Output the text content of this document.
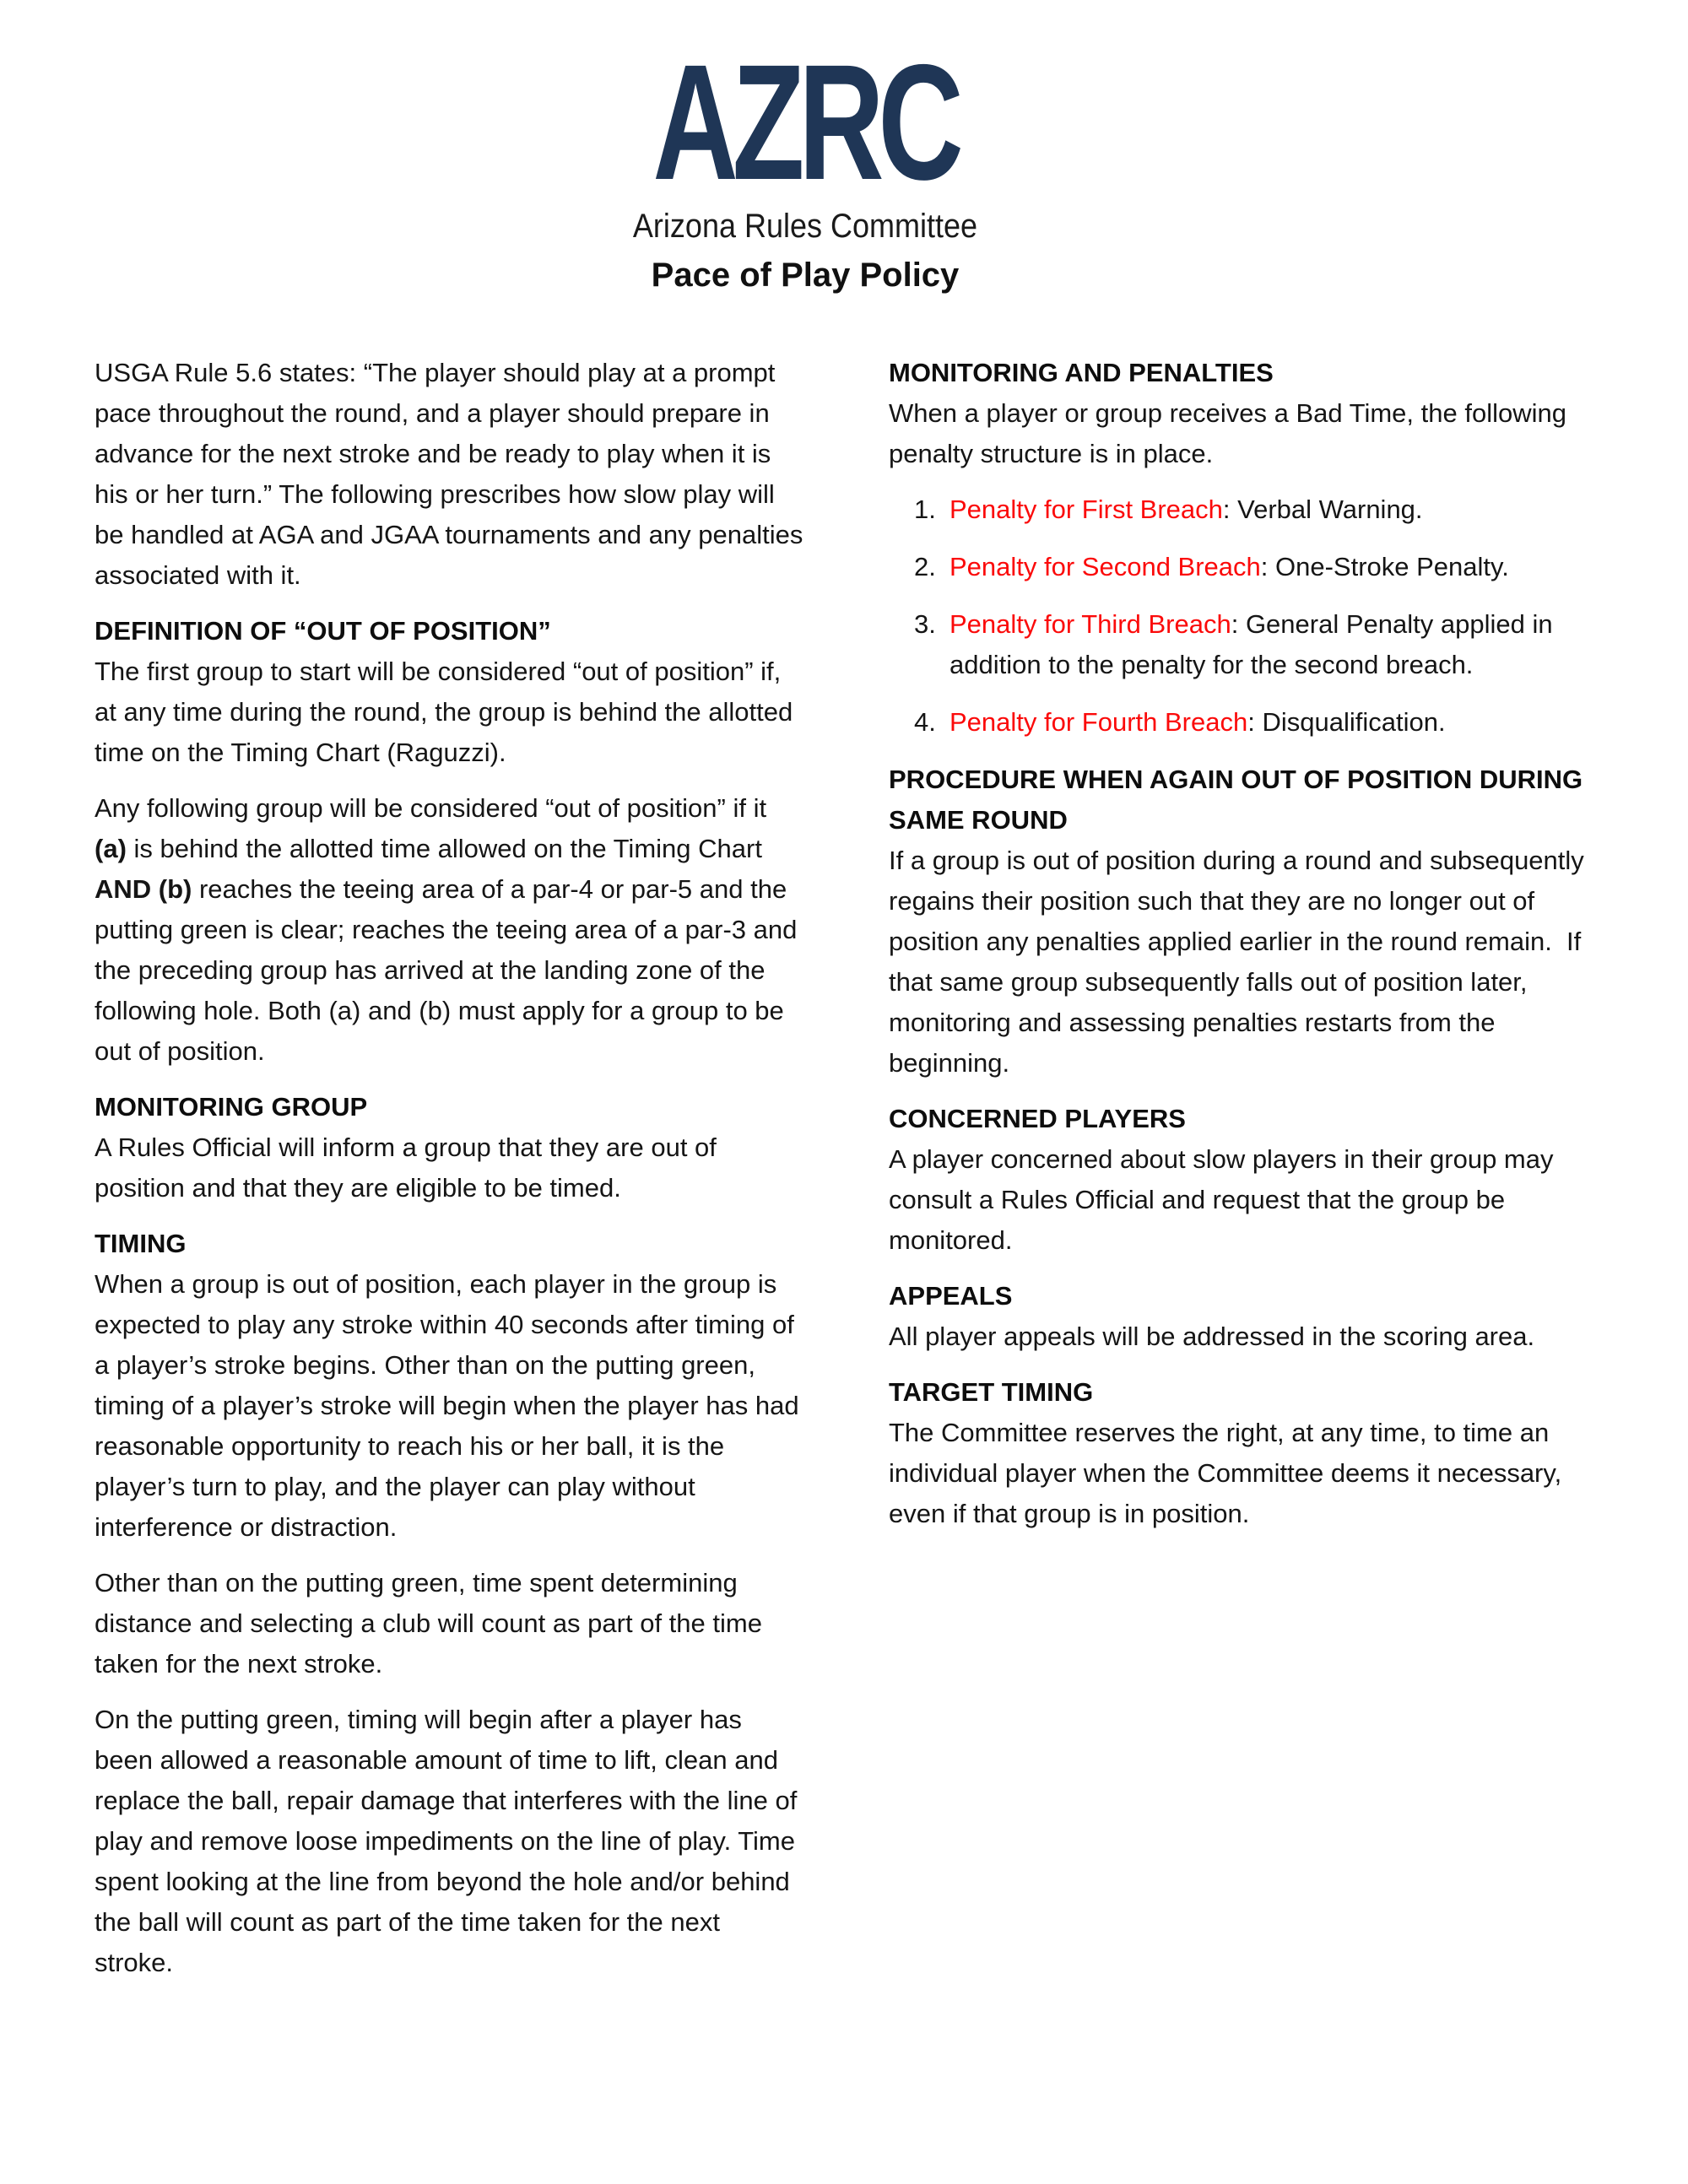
AZRC
Arizona Rules Committee
Pace of Play Policy
USGA Rule 5.6 states: “The player should play at a prompt pace throughout the round, and a player should prepare in advance for the next stroke and be ready to play when it is his or her turn.” The following prescribes how slow play will be handled at AGA and JGAA tournaments and any penalties associated with it.
DEFINITION OF “OUT OF POSITION”
The first group to start will be considered “out of position” if, at any time during the round, the group is behind the allotted time on the Timing Chart (Raguzzi).
Any following group will be considered “out of position” if it (a) is behind the allotted time allowed on the Timing Chart AND (b) reaches the teeing area of a par-4 or par-5 and the putting green is clear; reaches the teeing area of a par-3 and the preceding group has arrived at the landing zone of the following hole. Both (a) and (b) must apply for a group to be out of position.
MONITORING GROUP
A Rules Official will inform a group that they are out of position and that they are eligible to be timed.
TIMING
When a group is out of position, each player in the group is expected to play any stroke within 40 seconds after timing of a player’s stroke begins. Other than on the putting green, timing of a player’s stroke will begin when the player has had reasonable opportunity to reach his or her ball, it is the player’s turn to play, and the player can play without interference or distraction.
Other than on the putting green, time spent determining distance and selecting a club will count as part of the time taken for the next stroke.
On the putting green, timing will begin after a player has been allowed a reasonable amount of time to lift, clean and replace the ball, repair damage that interferes with the line of play and remove loose impediments on the line of play. Time spent looking at the line from beyond the hole and/or behind the ball will count as part of the time taken for the next stroke.
MONITORING AND PENALTIES
When a player or group receives a Bad Time, the following penalty structure is in place.
1. Penalty for First Breach: Verbal Warning.
2. Penalty for Second Breach: One-Stroke Penalty.
3. Penalty for Third Breach: General Penalty applied in addition to the penalty for the second breach.
4. Penalty for Fourth Breach: Disqualification.
PROCEDURE WHEN AGAIN OUT OF POSITION DURING SAME ROUND
If a group is out of position during a round and subsequently regains their position such that they are no longer out of position any penalties applied earlier in the round remain.  If that same group subsequently falls out of position later, monitoring and assessing penalties restarts from the beginning.
CONCERNED PLAYERS
A player concerned about slow players in their group may consult a Rules Official and request that the group be monitored.
APPEALS
All player appeals will be addressed in the scoring area.
TARGET TIMING
The Committee reserves the right, at any time, to time an individual player when the Committee deems it necessary, even if that group is in position.
